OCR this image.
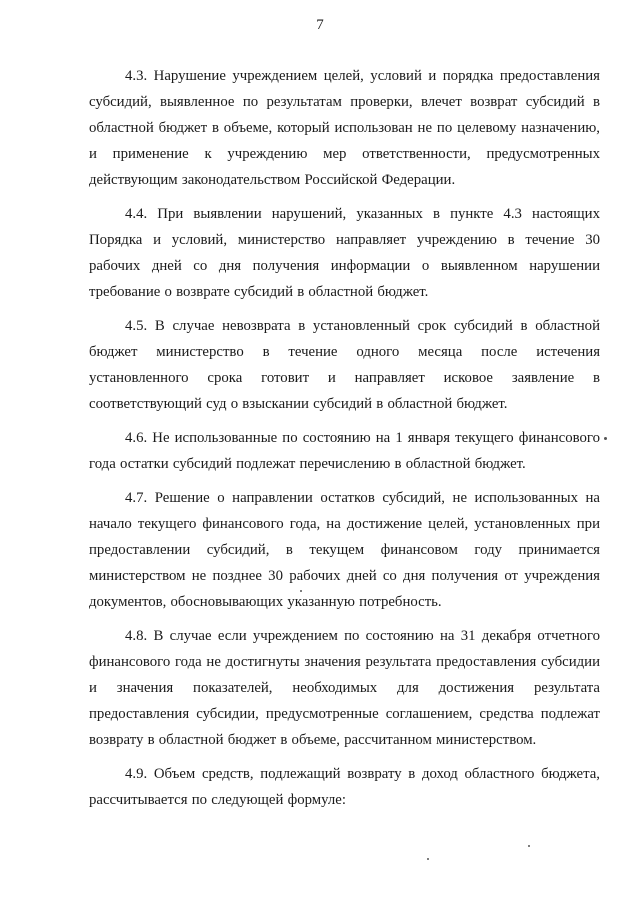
7

4.3. Нарушение учреждением целей, условий и порядка предоставления субсидий, выявленное по результатам проверки, влечет возврат субсидий в областной бюджет в объеме, который использован не по целевому назначению, и применение к учреждению мер ответственности, предусмотренных действующим законодательством Российской Федерации.

4.4. При выявлении нарушений, указанных в пункте 4.3 настоящих Порядка и условий, министерство направляет учреждению в течение 30 рабочих дней со дня получения информации о выявленном нарушении требование о возврате субсидий в областной бюджет.

4.5. В случае невозврата в установленный срок субсидий в областной бюджет министерство в течение одного месяца после истечения установленного срока готовит и направляет исковое заявление в соответствующий суд о взыскании субсидий в областной бюджет.

4.6. Не использованные по состоянию на 1 января текущего финансового года остатки субсидий подлежат перечислению в областной бюджет.

4.7. Решение о направлении остатков субсидий, не использованных на начало текущего финансового года, на достижение целей, установленных при предоставлении субсидий, в текущем финансовом году принимается министерством не позднее 30 рабочих дней со дня получения от учреждения документов, обосновывающих указанную потребность.

4.8. В случае если учреждением по состоянию на 31 декабря отчетного финансового года не достигнуты значения результата предоставления субсидии и значения показателей, необходимых для достижения результата предоставления субсидии, предусмотренные соглашением, средства подлежат возврату в областной бюджет в объеме, рассчитанном министерством.

4.9. Объем средств, подлежащий возврату в доход областного бюджета, рассчитывается по следующей формуле:
